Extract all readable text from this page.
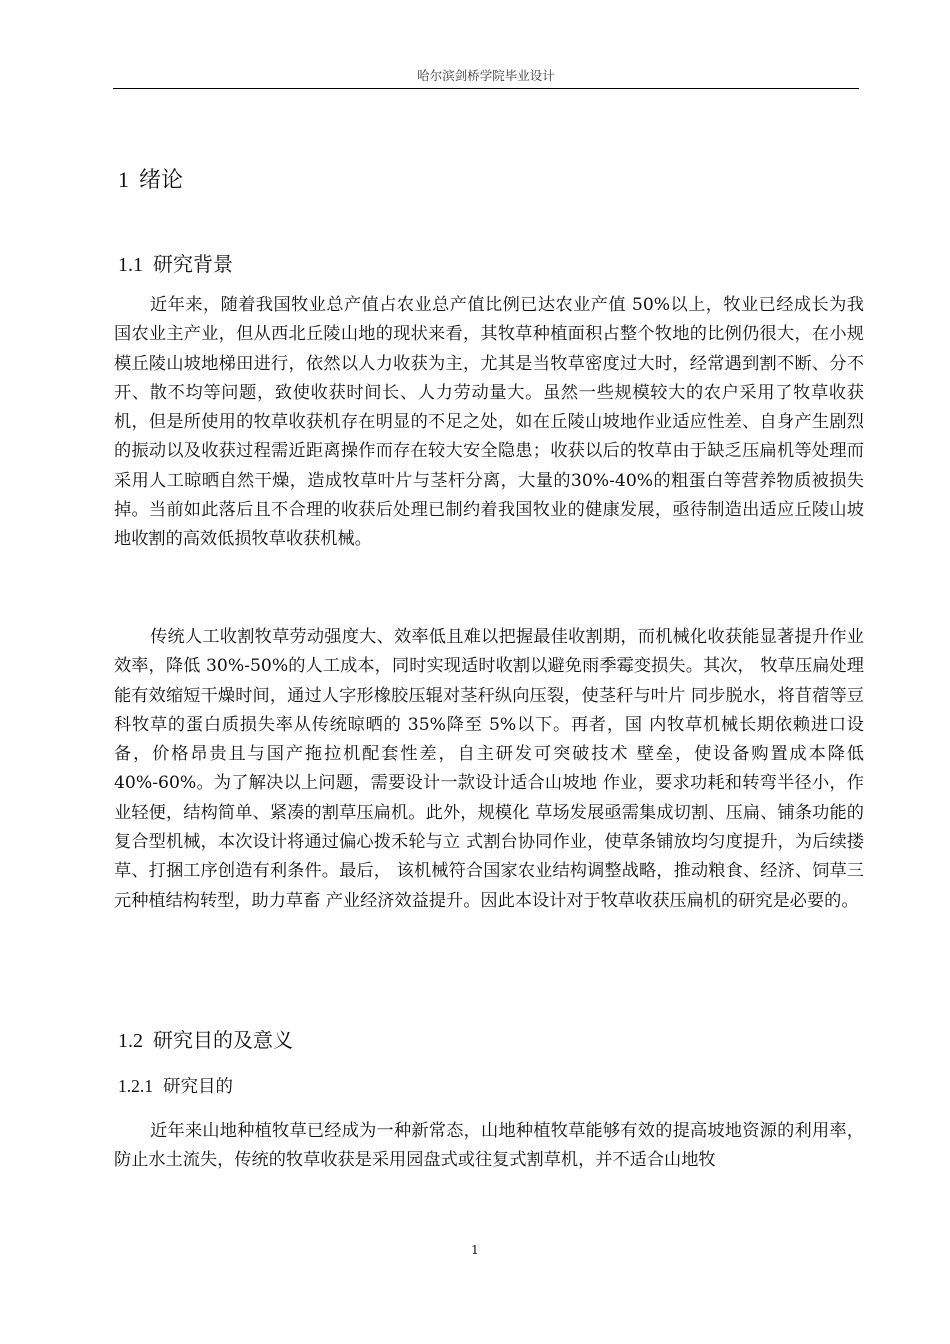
哈尔滨剑桥学院毕业设计
1 绪论
1.1 研究背景

近年来，随着我国牧业总产值占农业总产值比例已达农业产值 50%以上，牧业已经成长为我国农业主产业，但从西北丘陵山地的现状来看，其牧草种植面积占整个牧地的比例仍很大，在小规模丘陵山坡地梯田进行，依然以人力收获为主，尤其是当牧草密度过大时，经常遇到割不断、分不开、散不均等问题，致使收获时间长、人力劳动量大。虽然一些规模较大的农户采用了牧草收获机，但是所使用的牧草收获机存在明显的不足之处，如在丘陵山坡地作业适应性差、自身产生剧烈的振动以及收获过程需近距离操作而存在较大安全隐患；收获以后的牧草由于缺乏压扁机等处理而采用人工晾晒自然干燥，造成牧草叶片与茎杆分离，大量的30%-40%的粗蛋白等营养物质被损失掉。当前如此落后且不合理的收获后处理已制约着我国牧业的健康发展，亟待制造出适应丘陵山坡地收割的高效低损牧草收获机械。

传统人工收割牧草劳动强度大、效率低且难以把握最佳收割期，而机械化收获能显著提升作业效率，降低 30%-50%的人工成本，同时实现适时收割以避免雨季霉变损失。其次， 牧草压扁处理能有效缩短干燥时间，通过人字形橡胶压辊对茎秆纵向压裂，使茎秆与叶片 同步脱水，将苜蓿等豆科牧草的蛋白质损失率从传统晾晒的 35%降至 5%以下。再者，国 内牧草机械长期依赖进口设备，价格昂贵且与国产拖拉机配套性差，自主研发可突破技术 壁垒，使设备购置成本降低 40%-60%。为了解决以上问题，需要设计一款设计适合山坡地 作业，要求功耗和转弯半径小，作业轻便，结构简单、紧凑的割草压扁机。此外，规模化 草场发展亟需集成切割、压扁、铺条功能的复合型机械，本次设计将通过偏心拨禾轮与立 式割台协同作业，使草条铺放均匀度提升，为后续搂草、打捆工序创造有利条件。最后， 该机械符合国家农业结构调整战略，推动粮食、经济、饲草三元种植结构转型，助力草畜 产业经济效益提升。因此本设计对于牧草收获压扁机的研究是必要的。

1.2 研究目的及意义
1.2.1 研究目的

近年来山地种植牧草已经成为一种新常态，山地种植牧草能够有效的提高坡地资源的利用率，防止水土流失，传统的牧草收获是采用园盘式或往复式割草机，并不适合山地牧

1
